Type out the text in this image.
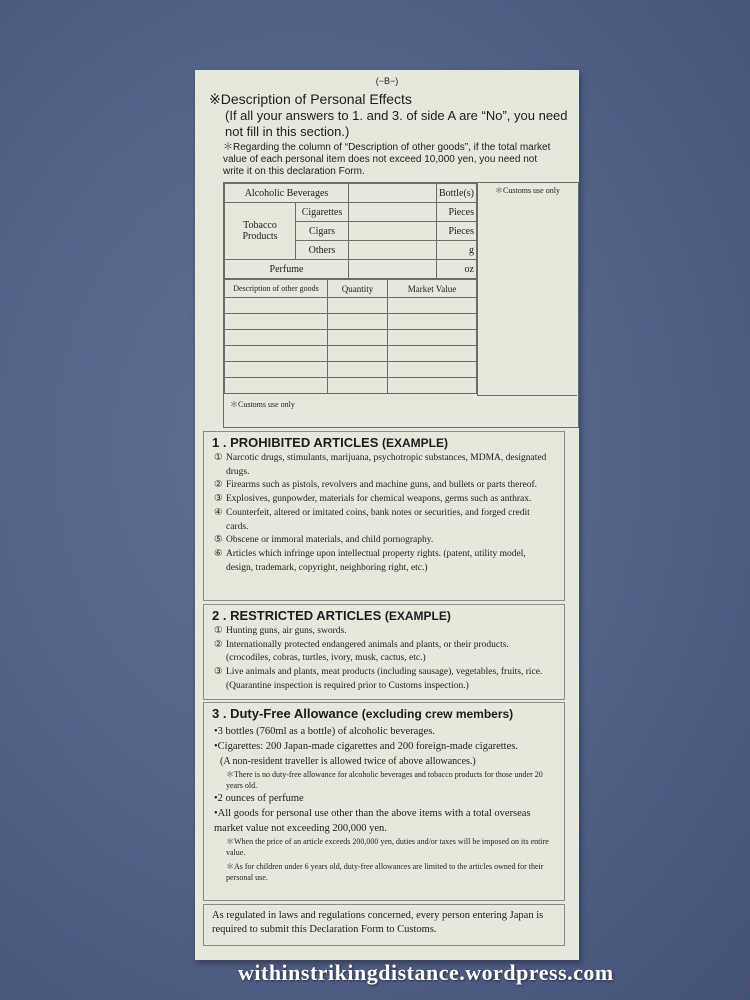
(−B−)
※Description of Personal Effects
(If all your answers to 1. and 3. of side A are “No”, you need not fill in this section.)
＊Regarding the column of “Description of other goods”, if the total market value of each personal item does not exceed 10,000 yen, you need not write it on this declaration Form.
Alcoholic Beverages			Bottle(s)
Tobacco Products	Cigarettes		Pieces
	Cigars		Pieces
	Others		g
Perfume			oz
＊Customs use only
Description of other goods	Quantity	Market Value

＊Customs use only
1 . PROHIBITED ARTICLES (EXAMPLE)
① Narcotic drugs, stimulants, marijuana, psychotropic substances, MDMA, designated drugs.
② Firearms such as pistols, revolvers and machine guns, and bullets or parts thereof.
③ Explosives, gunpowder, materials for chemical weapons, germs such as anthrax.
④ Counterfeit, altered or imitated coins, bank notes or securities, and forged credit cards.
⑤ Obscene or immoral materials, and child pornography.
⑥ Articles which infringe upon intellectual property rights. (patent, utility model, design, trademark, copyright, neighboring right, etc.)
2 . RESTRICTED ARTICLES (EXAMPLE)
① Hunting guns, air guns, swords.
② Internationally protected endangered animals and plants, or their products. (crocodiles, cobras, turtles, ivory, musk, cactus, etc.)
③ Live animals and plants, meat products (including sausage), vegetables, fruits, rice. (Quarantine inspection is required prior to Customs inspection.)
3 . Duty-Free Allowance (excluding crew members)
•3 bottles (760ml as a bottle) of alcoholic beverages.
•Cigarettes: 200 Japan-made cigarettes and 200 foreign-made cigarettes.
(A non-resident traveller is allowed twice of above allowances.)
＊There is no duty-free allowance for alcoholic beverages and tobacco products for those under 20 years old.
•2 ounces of perfume
•All goods for personal use other than the above items with a total overseas market value not exceeding 200,000 yen.
＊When the price of an article exceeds 200,000 yen, duties and/or taxes will be imposed on its entire value.
＊As for children under 6 years old, duty-free allowances are limited to the articles owned for their personal use.
As regulated in laws and regulations concerned, every person entering Japan is required to submit this Declaration Form to Customs.
withinstrikingdistance.wordpress.com
